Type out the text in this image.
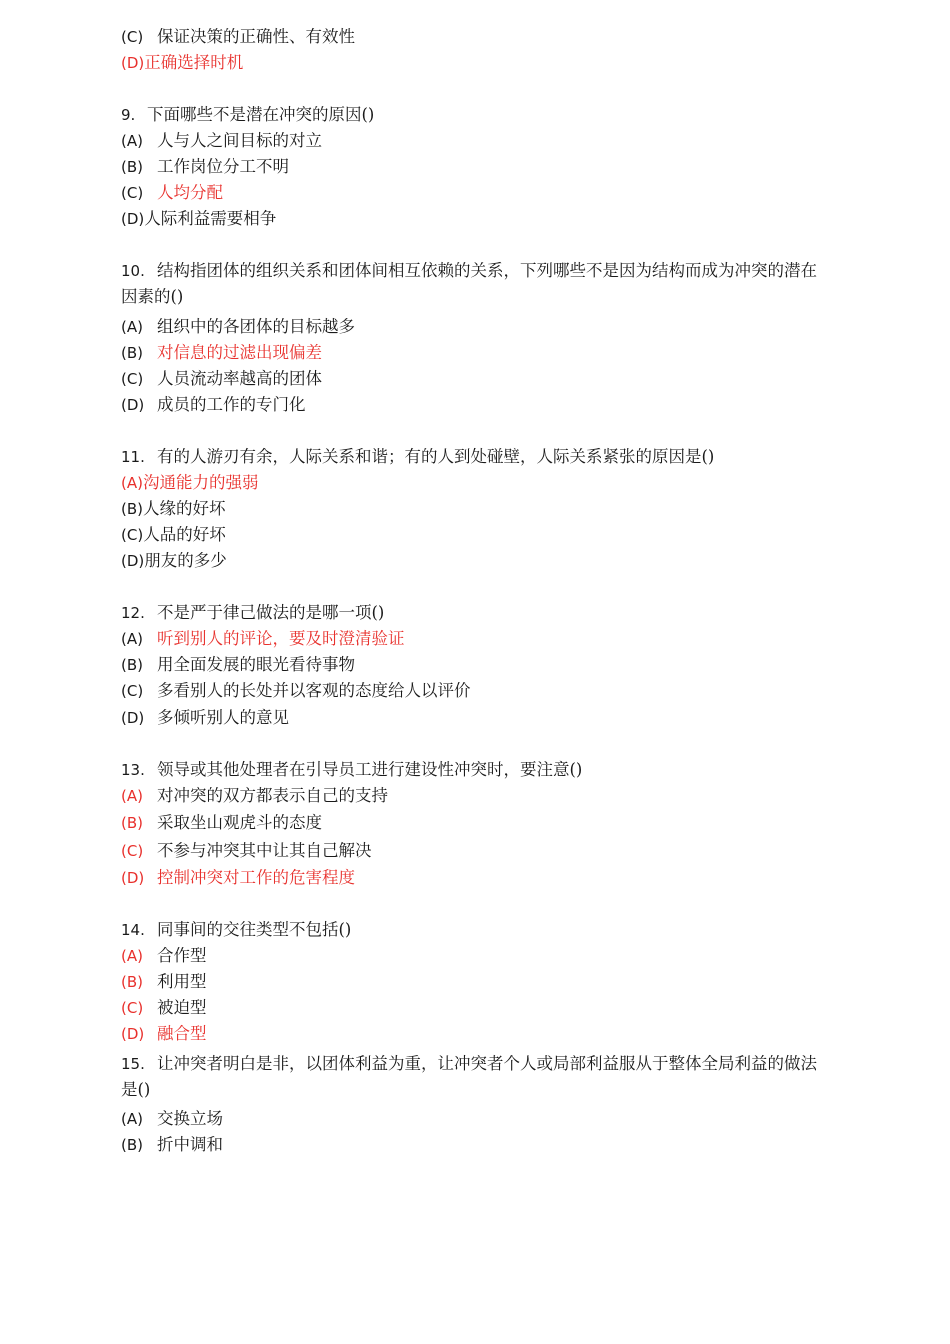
(C) 保证决策的正确性、有效性
(D)正确选择时机
9. 下面哪些不是潜在冲突的原因()
(A) 人与人之间目标的对立
(B) 工作岗位分工不明
(C) 人均分配
(D)人际利益需要相争
10. 结构指团体的组织关系和团体间相互依赖的关系，下列哪些不是因为结构而成为冲突的潜在因素的()
(A) 组织中的各团体的目标越多
(B) 对信息的过滤出现偏差
(C) 人员流动率越高的团体
(D) 成员的工作的专门化
11. 有的人游刃有余，人际关系和谐；有的人到处碰壁，人际关系紧张的原因是()
(A)沟通能力的强弱
(B)人缘的好坏
(C)人品的好坏
(D)朋友的多少
12. 不是严于律己做法的是哪一项()
(A) 听到别人的评论，要及时澄清验证
(B) 用全面发展的眼光看待事物
(C) 多看别人的长处并以客观的态度给人以评价
(D) 多倾听别人的意见
13. 领导或其他处理者在引导员工进行建设性冲突时，要注意()
(A) 对冲突的双方都表示自己的支持
(B) 采取坐山观虎斗的态度
(C) 不参与冲突其中让其自己解决
(D) 控制冲突对工作的危害程度
14. 同事间的交往类型不包括()
(A) 合作型
(B) 利用型
(C) 被迫型
(D) 融合型
15. 让冲突者明白是非，以团体利益为重，让冲突者个人或局部利益服从于整体全局利益的做法是()
(A) 交换立场
(B) 折中调和
